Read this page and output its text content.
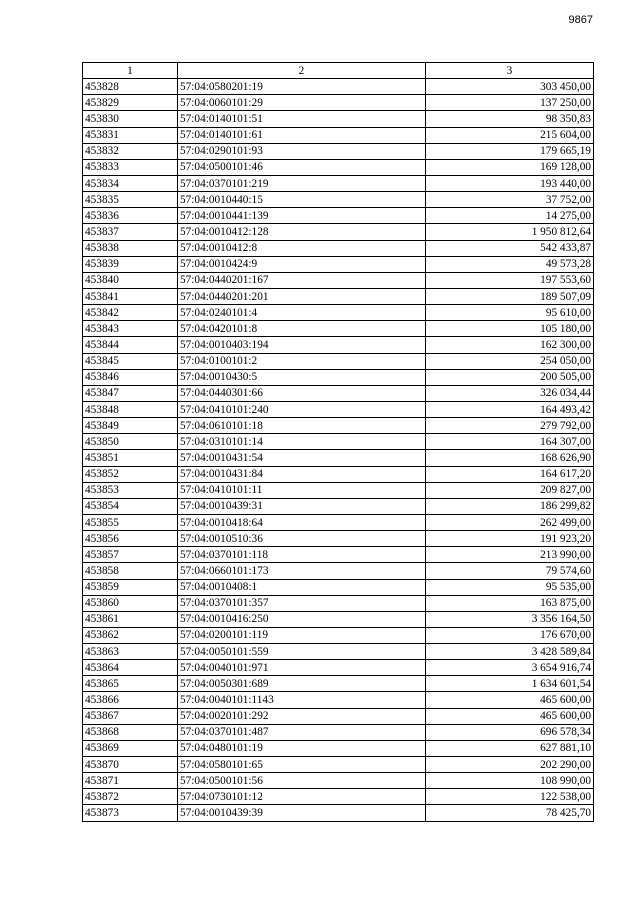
9867
1	2	3
453828	57:04:0580201:19	303 450,00
453829	57:04:0060101:29	137 250,00
453830	57:04:0140101:51	98 350,83
453831	57:04:0140101:61	215 604,00
453832	57:04:0290101:93	179 665,19
453833	57:04:0500101:46	169 128,00
453834	57:04:0370101:219	193 440,00
453835	57:04:0010440:15	37 752,00
453836	57:04:0010441:139	14 275,00
453837	57:04:0010412:128	1 950 812,64
453838	57:04:0010412:8	542 433,87
453839	57:04:0010424:9	49 573,28
453840	57:04:0440201:167	197 553,60
453841	57:04:0440201:201	189 507,09
453842	57:04:0240101:4	95 610,00
453843	57:04:0420101:8	105 180,00
453844	57:04:0010403:194	162 300,00
453845	57:04:0100101:2	254 050,00
453846	57:04:0010430:5	200 505,00
453847	57:04:0440301:66	326 034,44
453848	57:04:0410101:240	164 493,42
453849	57:04:0610101:18	279 792,00
453850	57:04:0310101:14	164 307,00
453851	57:04:0010431:54	168 626,90
453852	57:04:0010431:84	164 617,20
453853	57:04:0410101:11	209 827,00
453854	57:04:0010439:31	186 299,82
453855	57:04:0010418:64	262 499,00
453856	57:04:0010510:36	191 923,20
453857	57:04:0370101:118	213 990,00
453858	57:04:0660101:173	79 574,60
453859	57:04:0010408:1	95 535,00
453860	57:04:0370101:357	163 875,00
453861	57:04:0010416:250	3 356 164,50
453862	57:04:0200101:119	176 670,00
453863	57:04:0050101:559	3 428 589,84
453864	57:04:0040101:971	3 654 916,74
453865	57:04:0050301:689	1 634 601,54
453866	57:04:0040101:1143	465 600,00
453867	57:04:0020101:292	465 600,00
453868	57:04:0370101:487	696 578,34
453869	57:04:0480101:19	627 881,10
453870	57:04:0580101:65	202 290,00
453871	57:04:0500101:56	108 990,00
453872	57:04:0730101:12	122 538,00
453873	57:04:0010439:39	78 425,70
